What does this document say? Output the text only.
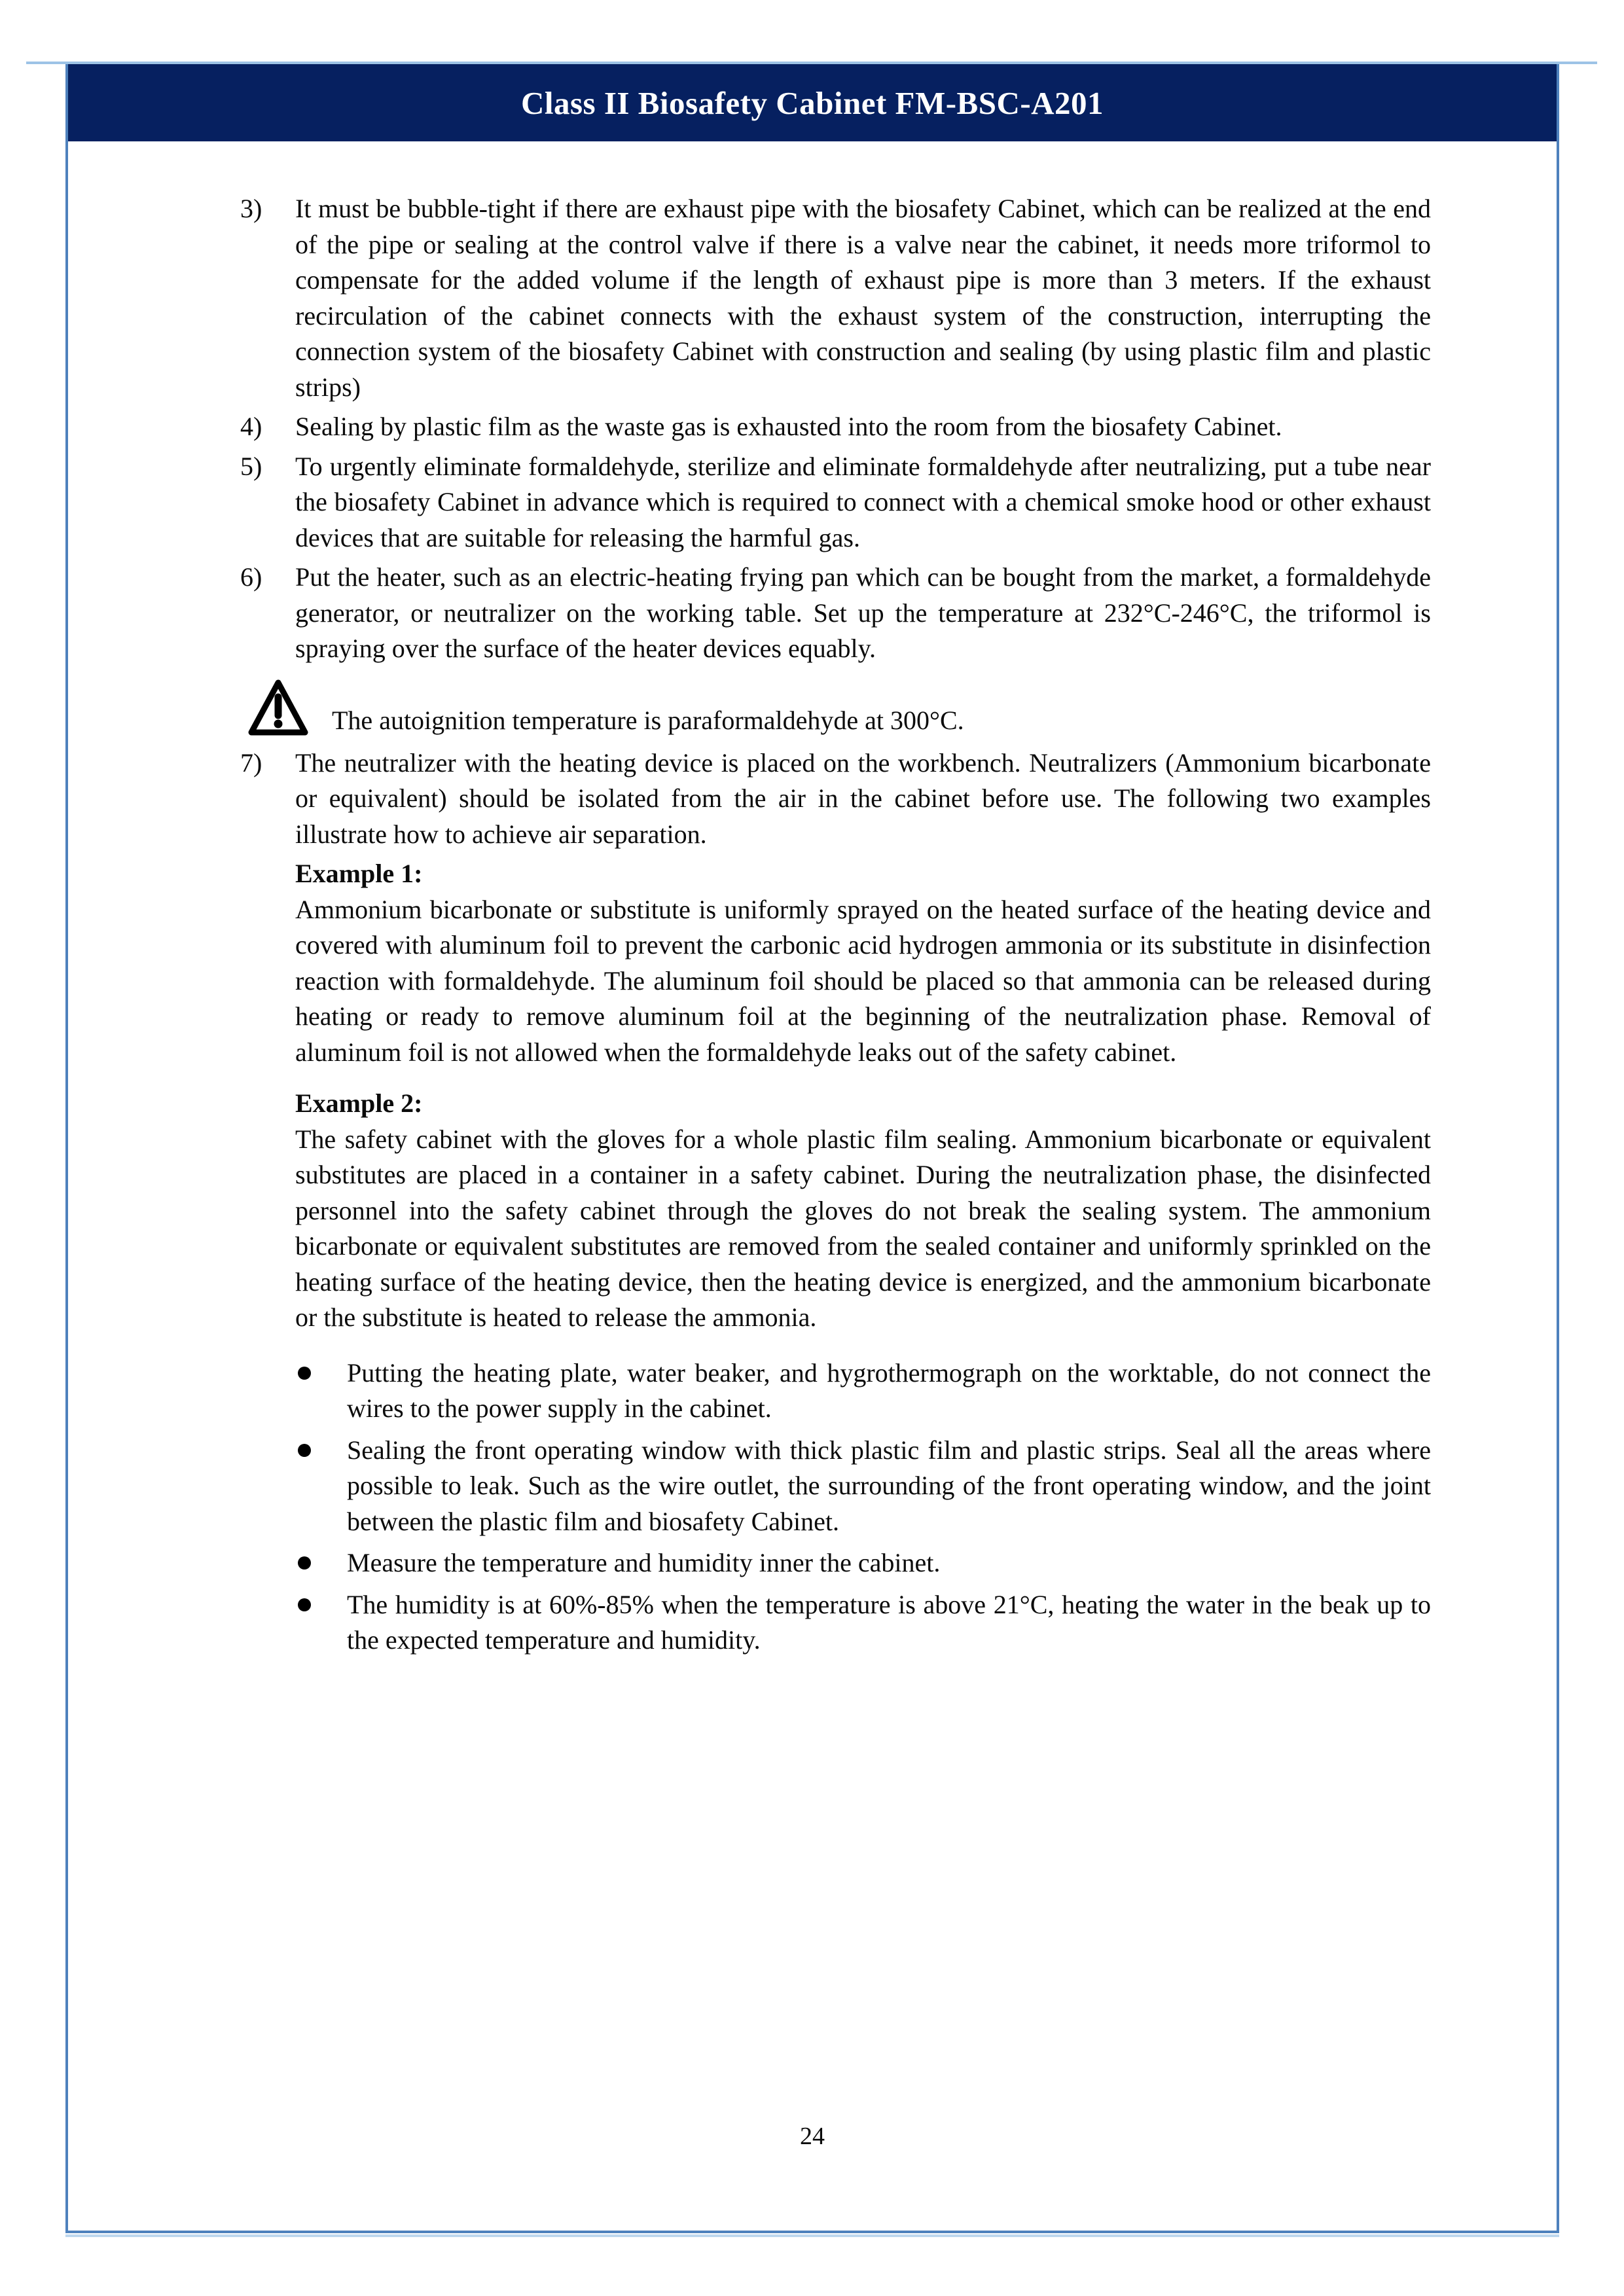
Class II Biosafety Cabinet FM-BSC-A201
3)	It must be bubble-tight if there are exhaust pipe with the biosafety Cabinet, which can be realized at the end of the pipe or sealing at the control valve if there is a valve near the cabinet, it needs more triformol to compensate for the added volume if the length of exhaust pipe is more than 3 meters. If the exhaust recirculation of the cabinet connects with the exhaust system of the construction, interrupting the connection system of the biosafety Cabinet with construction and sealing (by using plastic film and plastic strips)
4)	Sealing by plastic film as the waste gas is exhausted into the room from the biosafety Cabinet.
5)	To urgently eliminate formaldehyde, sterilize and eliminate formaldehyde after neutralizing, put a tube near the biosafety Cabinet in advance which is required to connect with a chemical smoke hood or other exhaust devices that are suitable for releasing the harmful gas.
6)	Put the heater, such as an electric-heating frying pan which can be bought from the market, a formaldehyde generator, or neutralizer on the working table. Set up the temperature at 232°C-246°C, the triformol is spraying over the surface of the heater devices equably.
The autoignition temperature is paraformaldehyde at 300°C.
7)	The neutralizer with the heating device is placed on the workbench. Neutralizers (Ammonium bicarbonate or equivalent) should be isolated from the air in the cabinet before use. The following two examples illustrate how to achieve air separation.
Example 1:

Ammonium bicarbonate or substitute is uniformly sprayed on the heated surface of the heating device and covered with aluminum foil to prevent the carbonic acid hydrogen ammonia or its substitute in disinfection reaction with formaldehyde. The aluminum foil should be placed so that ammonia can be released during heating or ready to remove aluminum foil at the beginning of the neutralization phase. Removal of aluminum foil is not allowed when the formaldehyde leaks out of the safety cabinet.

Example 2:

The safety cabinet with the gloves for a whole plastic film sealing. Ammonium bicarbonate or equivalent substitutes are placed in a container in a safety cabinet. During the neutralization phase, the disinfected personnel into the safety cabinet through the gloves do not break the sealing system. The ammonium bicarbonate or equivalent substitutes are removed from the sealed container and uniformly sprinkled on the heating surface of the heating device, then the heating device is energized, and the ammonium bicarbonate or the substitute is heated to release the ammonia.

Putting the heating plate, water beaker, and hygrothermograph on the worktable, do not connect the wires to the power supply in the cabinet.
Sealing the front operating window with thick plastic film and plastic strips. Seal all the areas where possible to leak. Such as the wire outlet, the surrounding of the front operating window, and the joint between the plastic film and biosafety Cabinet.
Measure the temperature and humidity inner the cabinet.
The humidity is at 60%-85% when the temperature is above 21°C, heating the water in the beak up to the expected temperature and humidity.
24
